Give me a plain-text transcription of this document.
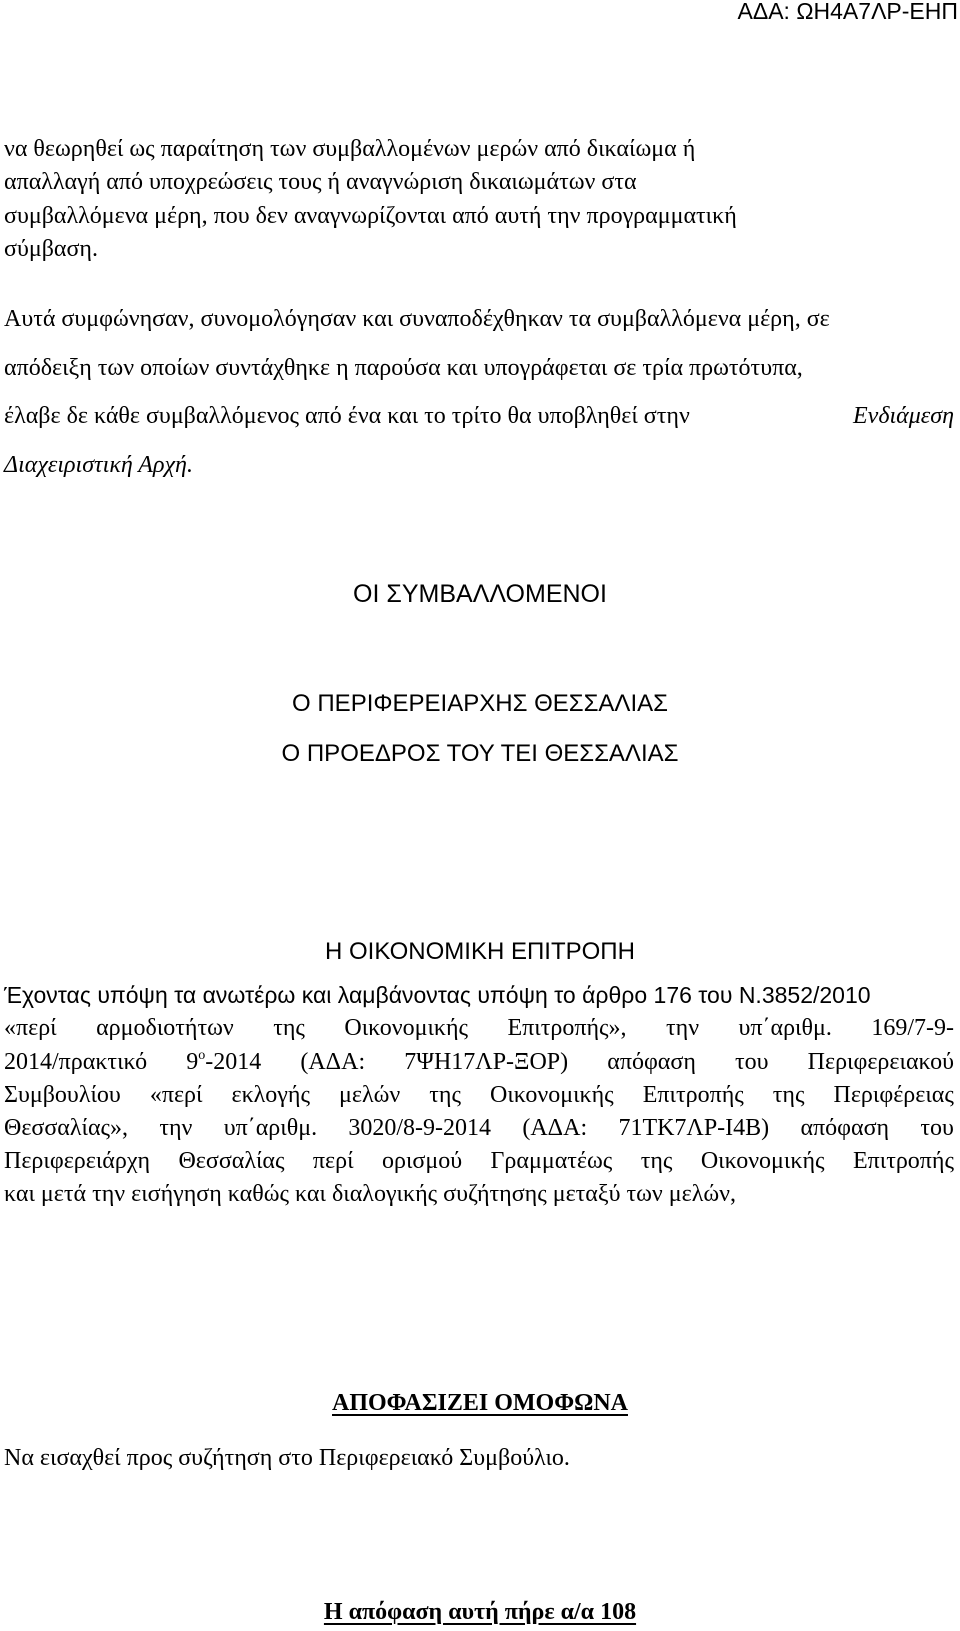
ΑΔΑ: ΩΗ4Α7ΛΡ-ΕΗΠ
να θεωρηθεί ως παραίτηση των συμβαλλομένων μερών από δικαίωμα ή
απαλλαγή από υποχρεώσεις τους ή αναγνώριση δικαιωμάτων στα
συμβαλλόμενα μέρη, που δεν αναγνωρίζονται από αυτή την προγραμματική
σύμβαση.
Αυτά συμφώνησαν, συνομολόγησαν και συναποδέχθηκαν τα συμβαλλόμενα μέρη, σε
απόδειξη των οποίων συντάχθηκε η παρούσα και υπογράφεται σε τρία πρωτότυπα,
έλαβε δε κάθε συμβαλλόμενος από ένα και το τρίτο θα υποβληθεί στην	Ενδιάμεση
Διαχειριστική Αρχή.
ΟΙ ΣΥΜΒΑΛΛΟΜΕΝΟΙ
Ο ΠΕΡΙΦΕΡΕΙΑΡΧΗΣ ΘΕΣΣΑΛΙΑΣ
Ο ΠΡΟΕΔΡΟΣ ΤΟΥ ΤΕΙ ΘΕΣΣΑΛΙΑΣ
Η ΟΙΚΟΝΟΜΙΚΗ ΕΠΙΤΡΟΠΗ
Έχοντας υπόψη τα ανωτέρω και λαμβάνοντας υπόψη το άρθρο 176 του Ν.3852/2010
«περί αρμοδιοτήτων της Οικονομικής Επιτροπής», την υπ΄αριθμ. 169/7-9-
2014/πρακτικό $9^o-2014$ (ΑΔΑ: 7ΨΗ17ΛΡ-ΞΟΡ) απόφαση του Περιφερειακού
Συμβουλίου «περί εκλογής μελών της Οικονομικής Επιτροπής της Περιφέρειας
Θεσσαλίας», την υπ΄αριθμ. 3020/8-9-2014 (ΑΔΑ: 71ΤΚ7ΛΡ-Ι4Β) απόφαση του
Περιφερειάρχη Θεσσαλίας περί ορισμού Γραμματέως της Οικονομικής Επιτροπής
και μετά την εισήγηση καθώς και διαλογικής συζήτησης μεταξύ των μελών,
ΑΠΟΦΑΣΙΖΕΙ ΟΜΟΦΩΝΑ
Να εισαχθεί προς συζήτηση στο Περιφερειακό Συμβούλιο.
Η απόφαση αυτή πήρε α/α 108
